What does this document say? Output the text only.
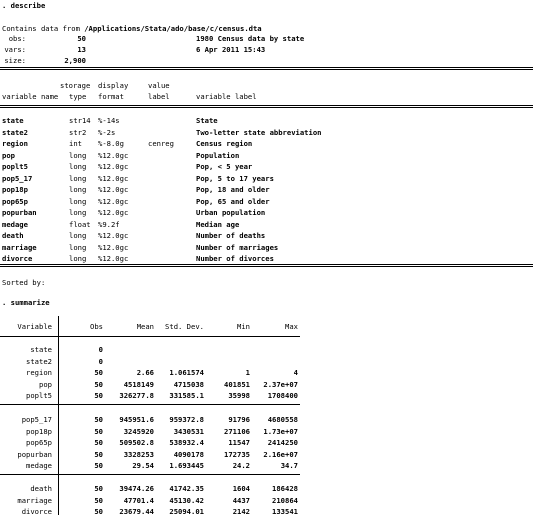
. describe
Contains data from /Applications/Stata/ado/base/c/census.dta
obs:	50	1980 Census data by state
vars:	13	6 Apr 2011 15:43
size:	2,900
storage display	value
variable name type format	label	variable label
state	str14 %-14s	State
state2	str2 %-2s	Two-letter state abbreviation
region	int %-8.0g	cenreg	Census region
pop	long %12.0gc	Population
poplt5	long %12.0gc	Pop, < 5 year
pop5_17	long %12.0gc	Pop, 5 to 17 years
pop18p	long %12.0gc	Pop, 18 and older
pop65p	long %12.0gc	Pop, 65 and older
popurban	long %12.0gc	Urban population
medage	float %9.2f	Median age
death	long %12.0gc	Number of deaths
marriage	long %12.0gc	Number of marriages
divorce	long %12.0gc	Number of divorces
Sorted by:
. summarize
Variable	Obs	Mean	Std. Dev.	Min	Max
state	0
state2	0
region	50	2.66	1.061574	1	4
pop	50	4518149	4715038	401851	2.37e+07
poplt5	50	326277.8	331585.1	35998	1708400
pop5_17	50	945951.6	959372.8	91796	4680558
pop18p	50	3245920	3430531	271106	1.73e+07
pop65p	50	509502.8	538932.4	11547	2414250
popurban	50	3328253	4090178	172735	2.16e+07
medage	50	29.54	1.693445	24.2	34.7
death	50	39474.26	41742.35	1604	186428
marriage	50	47701.4	45130.42	4437	210864
divorce	50	23679.44	25094.01	2142	133541
